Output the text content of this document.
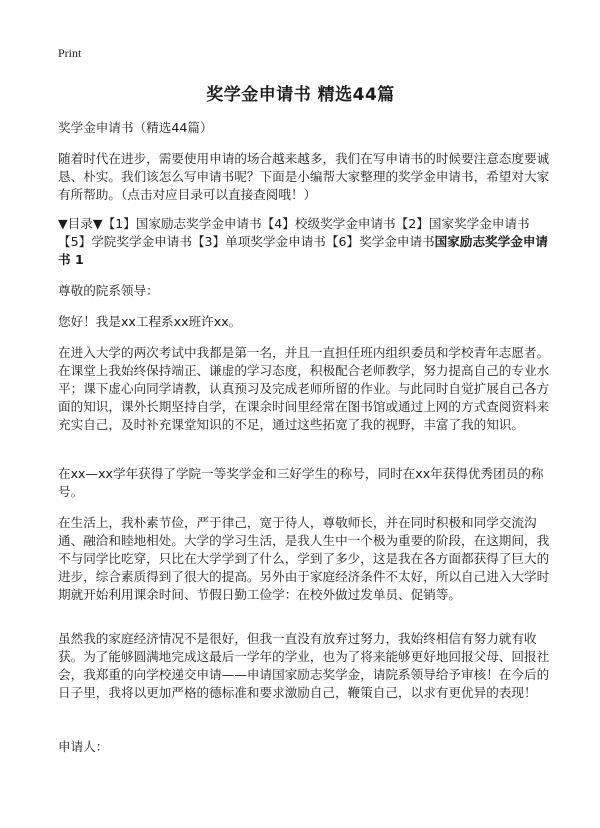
Print
奖学金申请书 精选44篇

奖学金申请书（精选44篇）

随着时代在进步，需要使用申请的场合越来越多，我们在写申请书的时候要注意态度要诚恳、朴实。我们该怎么写申请书呢？下面是小编帮大家整理的奖学金申请书，希望对大家有所帮助。（点击对应目录可以直接查阅哦！）

▼目录▼【1】国家励志奖学金申请书【4】校级奖学金申请书【2】国家奖学金申请书【5】学院奖学金申请书【3】单项奖学金申请书【6】奖学金申请书国家励志奖学金申请书 1

尊敬的院系领导：

您好！我是xx工程系xx班许xx。

在进入大学的两次考试中我都是第一名，并且一直担任班内组织委员和学校青年志愿者。在课堂上我始终保持端正、谦虚的学习态度，积极配合老师教学，努力提高自己的专业水平；课下虚心向同学请教，认真预习及完成老师所留的作业。与此同时自觉扩展自己各方面的知识，课外长期坚持自学，在课余时间里经常在图书馆或通过上网的方式查阅资料来充实自己，及时补充课堂知识的不足，通过这些拓宽了我的视野，丰富了我的知识。

在xx—xx学年获得了学院一等奖学金和三好学生的称号，同时在xx年获得优秀团员的称号。

在生活上，我朴素节俭，严于律己，宽于待人，尊敬师长，并在同时积极和同学交流沟通、融洽和睦地相处。大学的学习生活，是我人生中一个极为重要的阶段，在这期间，我不与同学比吃穿，只比在大学学到了什么，学到了多少，这是我在各方面都获得了巨大的进步，综合素质得到了很大的提高。另外由于家庭经济条件不太好，所以自己进入大学时期就开始利用课余时间、节假日勤工俭学：在校外做过发单员、促销等。

虽然我的家庭经济情况不是很好，但我一直没有放弃过努力，我始终相信有努力就有收获。为了能够圆满地完成这最后一学年的学业，也为了将来能够更好地回报父母、回报社会，我郑重的向学校递交申请——申请国家励志奖学金，请院系领导给予审核！在今后的日子里，我将以更加严格的德标准和要求激励自己，鞭策自己，以求有更优异的表现！

申请人：
